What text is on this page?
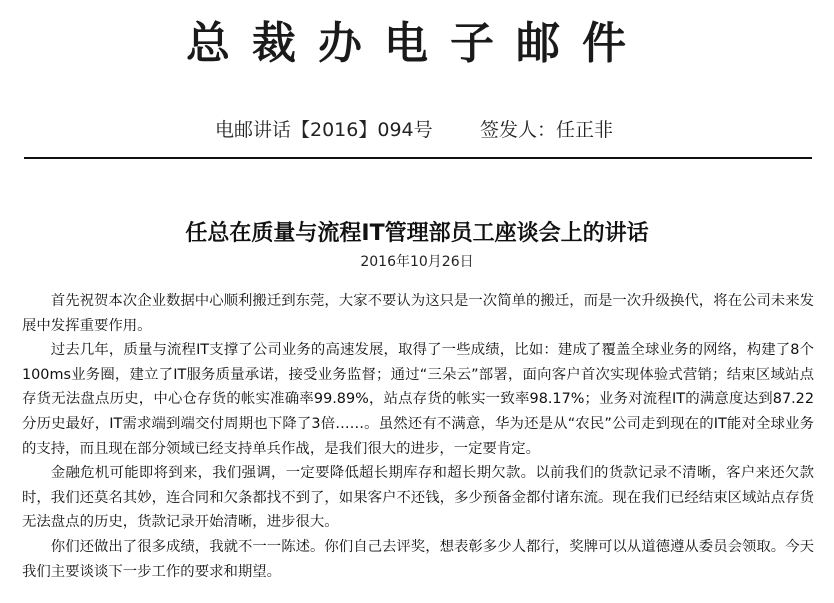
总裁办电子邮件
电邮讲话【2016】094号 签发人：任正非
任总在质量与流程IT管理部员工座谈会上的讲话
2016年10月26日

首先祝贺本次企业数据中心顺利搬迁到东莞，大家不要认为这只是一次简单的搬迁，而是一次升级换代，将在公司未来发展中发挥重要作用。

过去几年，质量与流程IT支撑了公司业务的高速发展，取得了一些成绩，比如：建成了覆盖全球业务的网络，构建了8个100ms业务圈，建立了IT服务质量承诺，接受业务监督；通过“三朵云”部署，面向客户首次实现体验式营销；结束区域站点存货无法盘点历史，中心仓存货的帐实准确率99.89%，站点存货的帐实一致率98.17%；业务对流程IT的满意度达到87.22分历史最好，IT需求端到端交付周期也下降了3倍……。虽然还有不满意，华为还是从“农民”公司走到现在的IT能对全球业务的支持，而且现在部分领域已经支持单兵作战，是我们很大的进步，一定要肯定。

金融危机可能即将到来，我们强调，一定要降低超长期库存和超长期欠款。以前我们的货款记录不清晰，客户来还欠款时，我们还莫名其妙，连合同和欠条都找不到了，如果客户不还钱，多少预备金都付诸东流。现在我们已经结束区域站点存货无法盘点的历史，货款记录开始清晰，进步很大。

你们还做出了很多成绩，我就不一一陈述。你们自己去评奖，想表彰多少人都行，奖牌可以从道德遵从委员会领取。今天我们主要谈谈下一步工作的要求和期望。
